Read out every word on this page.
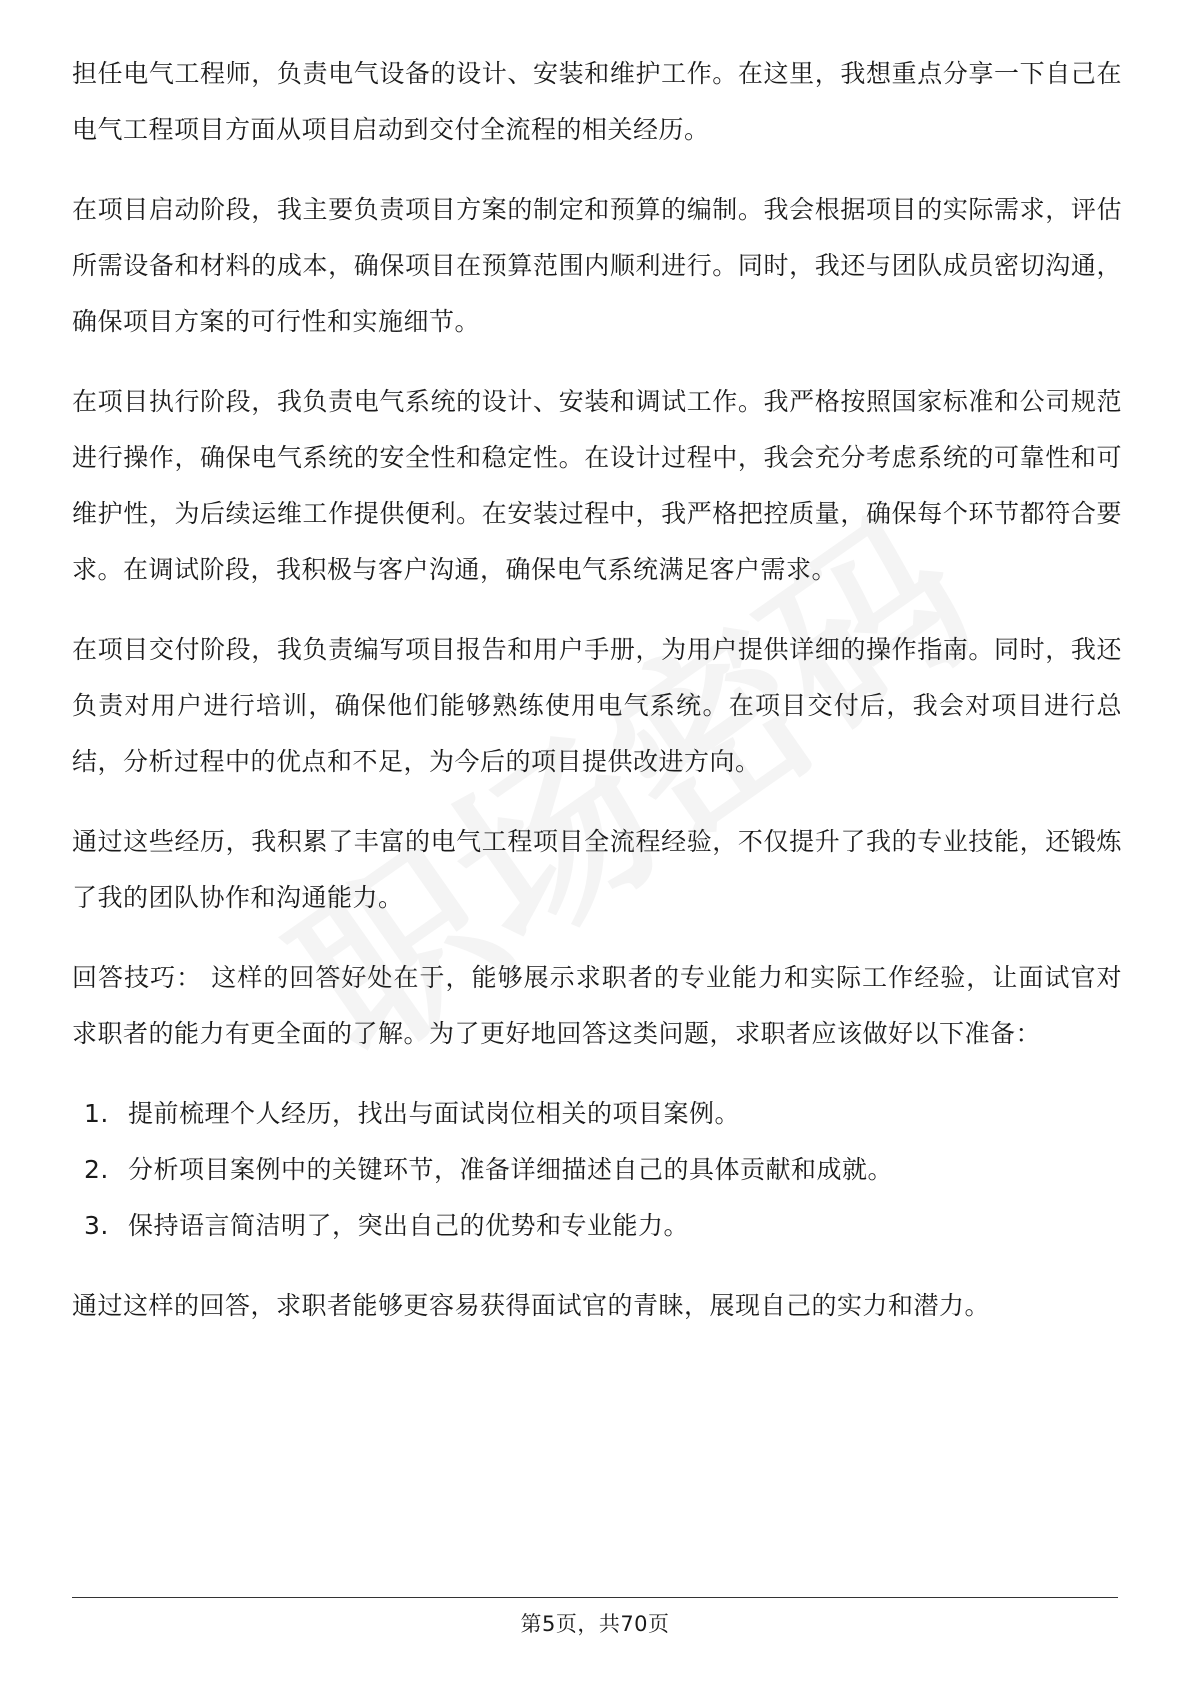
担任电气工程师，负责电气设备的设计、安装和维护工作。在这里，我想重点分享一下自己在电气工程项目方面从项目启动到交付全流程的相关经历。

在项目启动阶段，我主要负责项目方案的制定和预算的编制。我会根据项目的实际需求，评估所需设备和材料的成本，确保项目在预算范围内顺利进行。同时，我还与团队成员密切沟通，确保项目方案的可行性和实施细节。

在项目执行阶段，我负责电气系统的设计、安装和调试工作。我严格按照国家标准和公司规范进行操作，确保电气系统的安全性和稳定性。在设计过程中，我会充分考虑系统的可靠性和可维护性，为后续运维工作提供便利。在安装过程中，我严格把控质量，确保每个环节都符合要求。在调试阶段，我积极与客户沟通，确保电气系统满足客户需求。

在项目交付阶段，我负责编写项目报告和用户手册，为用户提供详细的操作指南。同时，我还负责对用户进行培训，确保他们能够熟练使用电气系统。在项目交付后，我会对项目进行总结，分析过程中的优点和不足，为今后的项目提供改进方向。

通过这些经历，我积累了丰富的电气工程项目全流程经验，不仅提升了我的专业技能，还锻炼了我的团队协作和沟通能力。

回答技巧： 这样的回答好处在于，能够展示求职者的专业能力和实际工作经验，让面试官对求职者的能力有更全面的了解。为了更好地回答这类问题，求职者应该做好以下准备：

1. 提前梳理个人经历，找出与面试岗位相关的项目案例。
2. 分析项目案例中的关键环节，准备详细描述自己的具体贡献和成就。
3. 保持语言简洁明了，突出自己的优势和专业能力。

通过这样的回答，求职者能够更容易获得面试官的青睐，展现自己的实力和潜力。

第5页，共70页
